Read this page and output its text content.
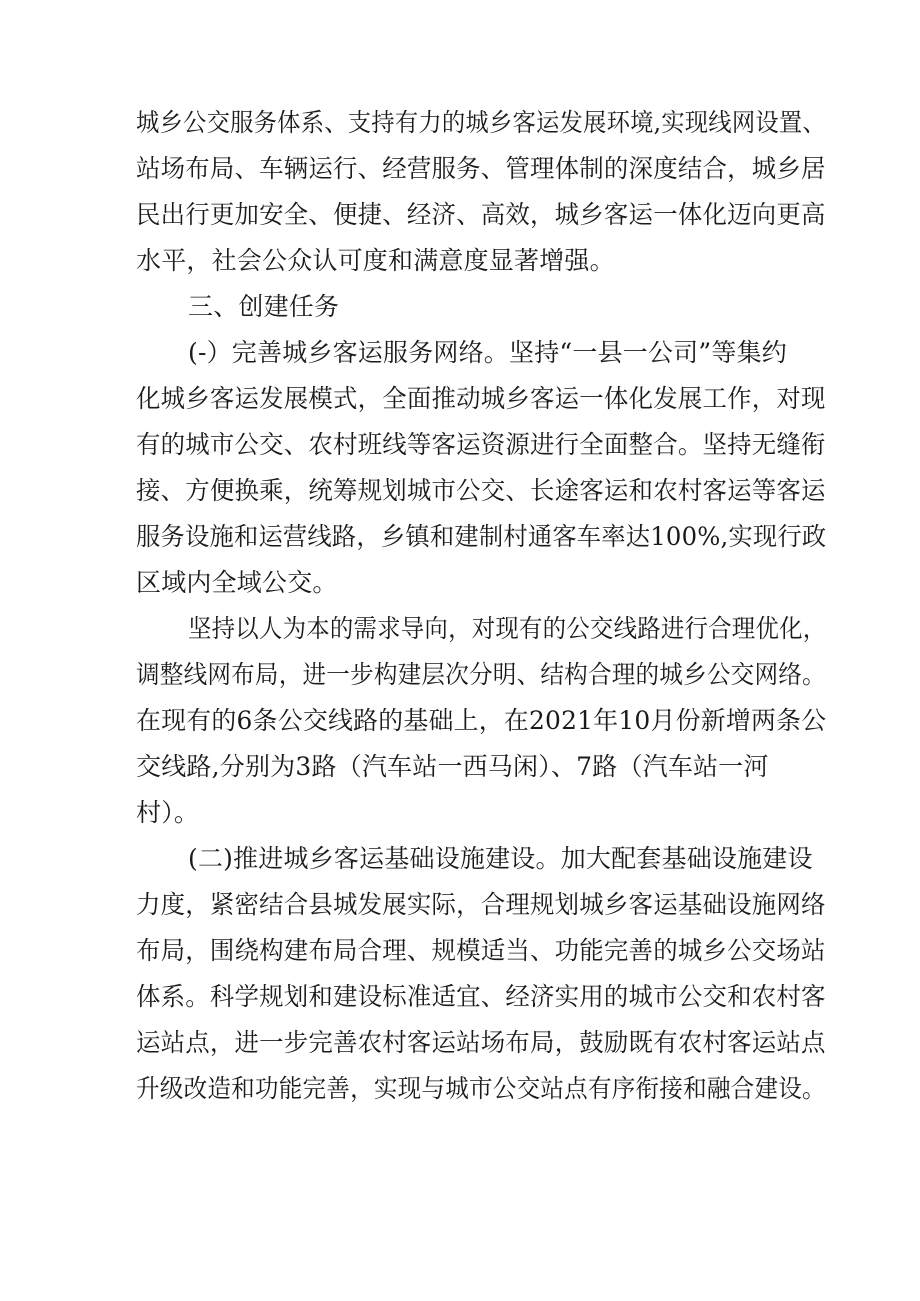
城乡公交服务体系、支持有力的城乡客运发展环境,实现线网设置、
站场布局、车辆运行、经营服务、管理体制的深度结合，城乡居
民出行更加安全、便捷、经济、高效，城乡客运一体化迈向更高
水平，社会公众认可度和满意度显著增强。
三、创建任务
(-）完善城乡客运服务网络。坚持“一县一公司”等集约
化城乡客运发展模式，全面推动城乡客运一体化发展工作，对现
有的城市公交、农村班线等客运资源进行全面整合。坚持无缝衔
接、方便换乘，统筹规划城市公交、长途客运和农村客运等客运
服务设施和运营线路，乡镇和建制村通客车率达100%,实现行政
区域内全域公交。
坚持以人为本的需求导向，对现有的公交线路进行合理优化，
调整线网布局，进一步构建层次分明、结构合理的城乡公交网络。
在现有的6条公交线路的基础上，在2021年10月份新增两条公
交线路,分别为3路（汽车站一西马闲）、7路（汽车站一河
村）。
(二)推进城乡客运基础设施建设。加大配套基础设施建设
力度，紧密结合县城发展实际，合理规划城乡客运基础设施网络
布局，围绕构建布局合理、规模适当、功能完善的城乡公交场站
体系。科学规划和建设标准适宜、经济实用的城市公交和农村客
运站点，进一步完善农村客运站场布局，鼓励既有农村客运站点
升级改造和功能完善，实现与城市公交站点有序衔接和融合建设。
